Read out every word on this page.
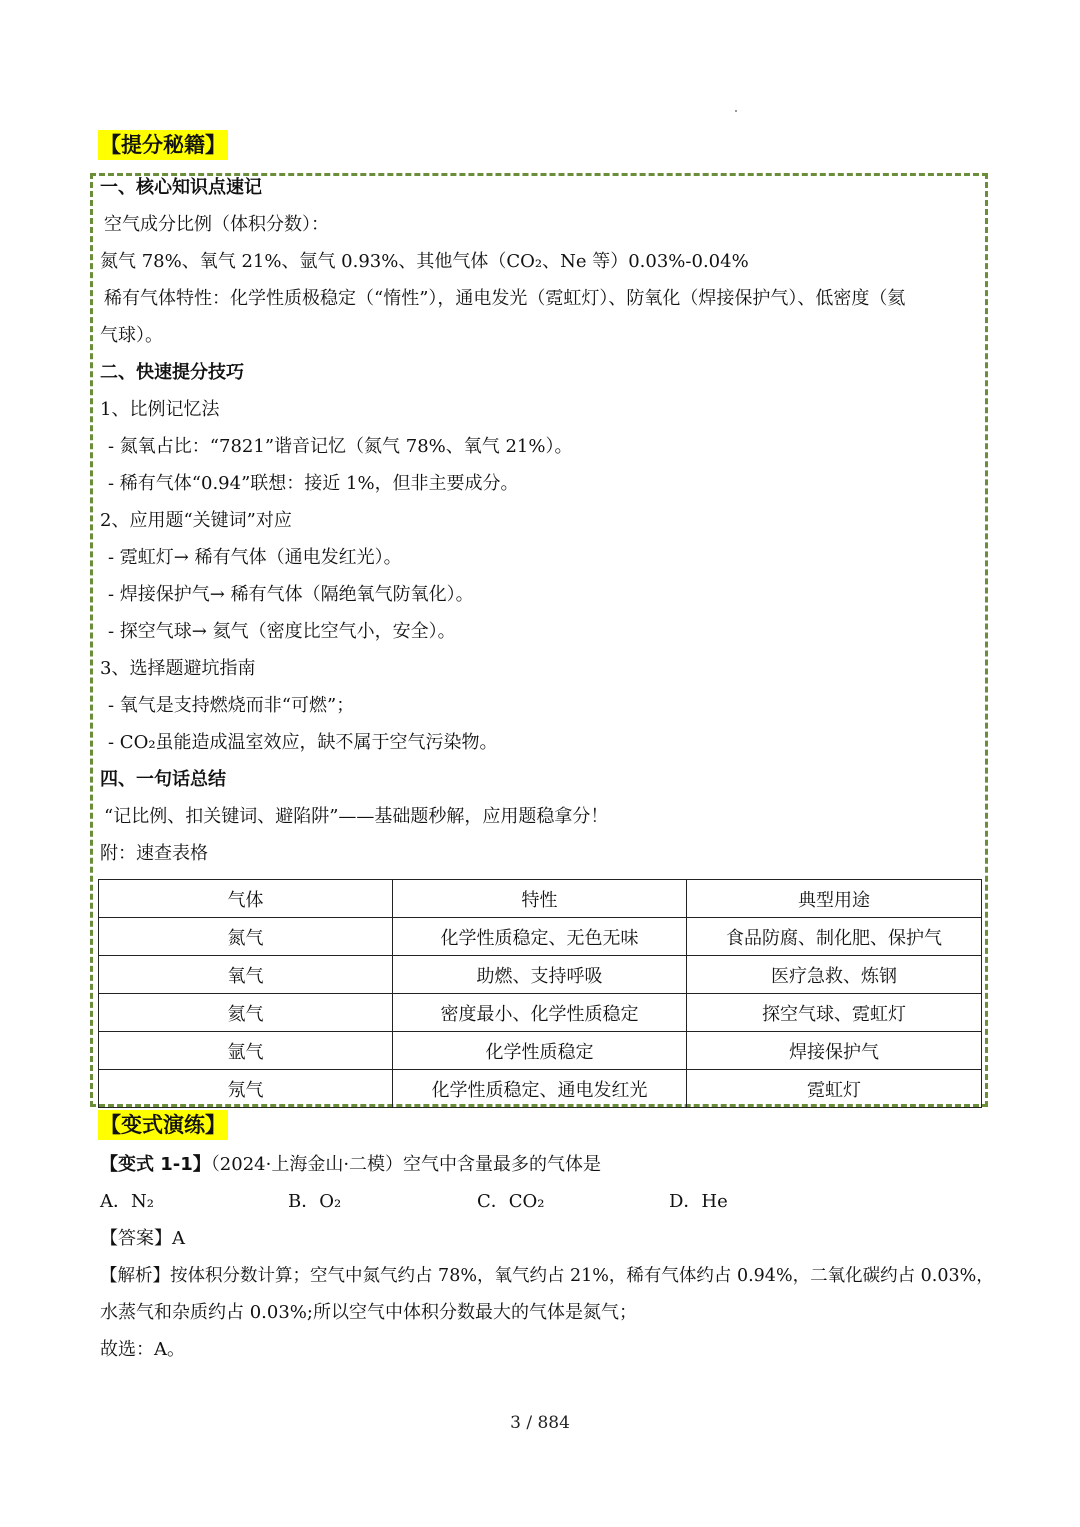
【提分秘籍】
一、核心知识点速记
空气成分比例（体积分数）：
氮气 78%、氧气 21%、氩气 0.93%、其他气体（CO₂、Ne 等）0.03%-0.04%
稀有气体特性：化学性质极稳定（“惰性”），通电发光（霓虹灯）、防氧化（焊接保护气）、低密度（氦
气球）。
二、快速提分技巧
1、比例记忆法
- 氮氧占比：“7821”谐音记忆（氮气 78%、氧气 21%）。
- 稀有气体“0.94”联想：接近 1%，但非主要成分。
2、应用题“关键词”对应
- 霓虹灯→ 稀有气体（通电发红光）。
- 焊接保护气→ 稀有气体（隔绝氧气防氧化）。
- 探空气球→ 氦气（密度比空气小，安全）。
3、选择题避坑指南
- 氧气是支持燃烧而非“可燃”；
- CO₂虽能造成温室效应，缺不属于空气污染物。
四、一句话总结
“记比例、扣关键词、避陷阱”——基础题秒解，应用题稳拿分！
附：速查表格
气体	特性	典型用途
氮气	化学性质稳定、无色无味	食品防腐、制化肥、保护气
氧气	助燃、支持呼吸	医疗急救、炼钢
氦气	密度最小、化学性质稳定	探空气球、霓虹灯
氩气	化学性质稳定	焊接保护气
氖气	化学性质稳定、通电发红光	霓虹灯
【变式演练】
【变式 1-1】（2024·上海金山·二模）空气中含量最多的气体是
A．N₂	B．O₂	C．CO₂	D．He
【答案】A
【解析】按体积分数计算；空气中氮气约占 78%，氧气约占 21%，稀有气体约占 0.94%，二氧化碳约占 0.03%，
水蒸气和杂质约占 0.03%;所以空气中体积分数最大的气体是氮气；
故选：A。
3 / 884
